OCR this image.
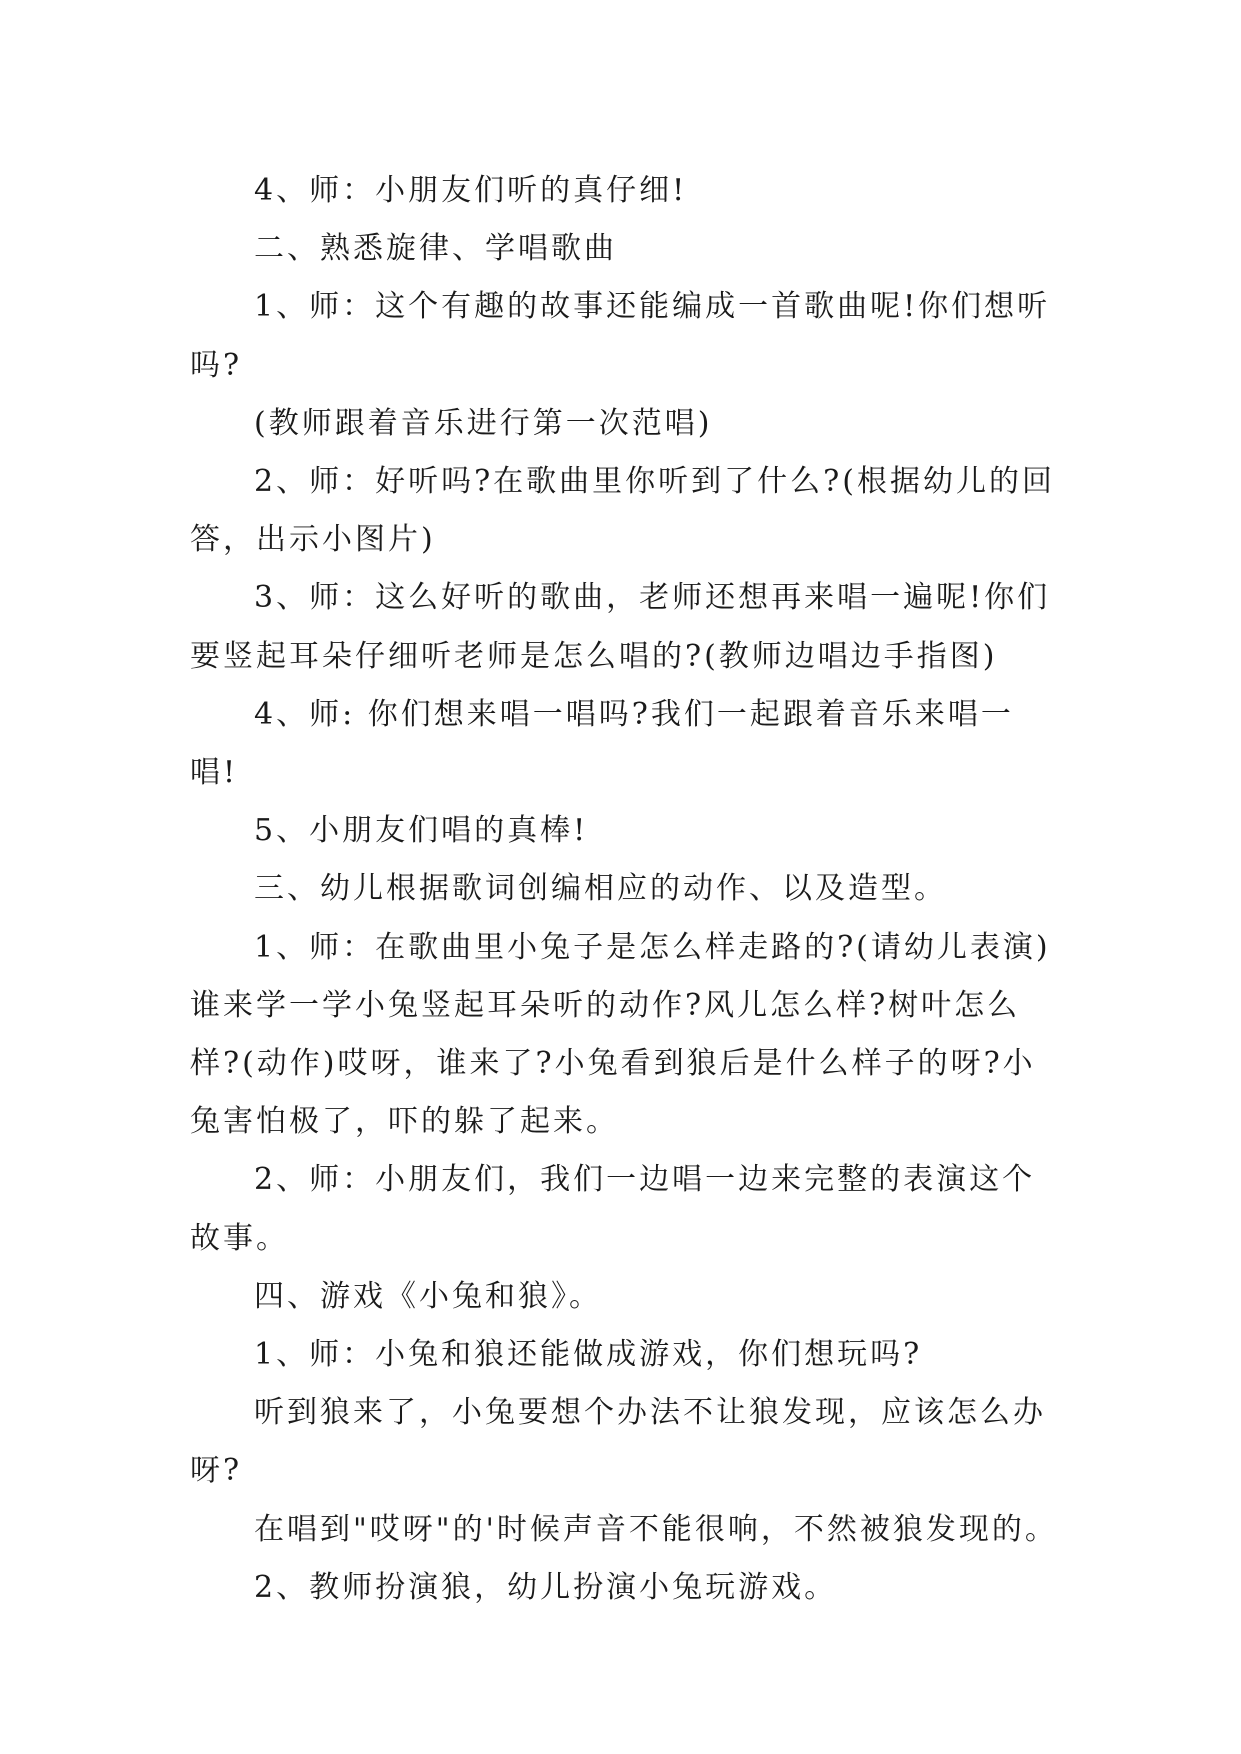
4、师：小朋友们听的真仔细!

二、熟悉旋律、学唱歌曲

1、师：这个有趣的故事还能编成一首歌曲呢!你们想听吗?

(教师跟着音乐进行第一次范唱)

2、师：好听吗?在歌曲里你听到了什么?(根据幼儿的回答，出示小图片)

3、师：这么好听的歌曲，老师还想再来唱一遍呢!你们要竖起耳朵仔细听老师是怎么唱的?(教师边唱边手指图)

4、师: 你们想来唱一唱吗?我们一起跟着音乐来唱一唱!

5、小朋友们唱的真棒!

三、幼儿根据歌词创编相应的动作、以及造型。

1、师：在歌曲里小兔子是怎么样走路的?(请幼儿表演)谁来学一学小兔竖起耳朵听的动作?风儿怎么样?树叶怎么样?(动作)哎呀，谁来了?小兔看到狼后是什么样子的呀?小兔害怕极了，吓的躲了起来。

2、师：小朋友们，我们一边唱一边来完整的表演这个故事。

四、游戏《小兔和狼》。

1、师：小兔和狼还能做成游戏，你们想玩吗?

听到狼来了，小兔要想个办法不让狼发现，应该怎么办呀?

在唱到"哎呀"的'时候声音不能很响，不然被狼发现的。

2、教师扮演狼，幼儿扮演小兔玩游戏。
